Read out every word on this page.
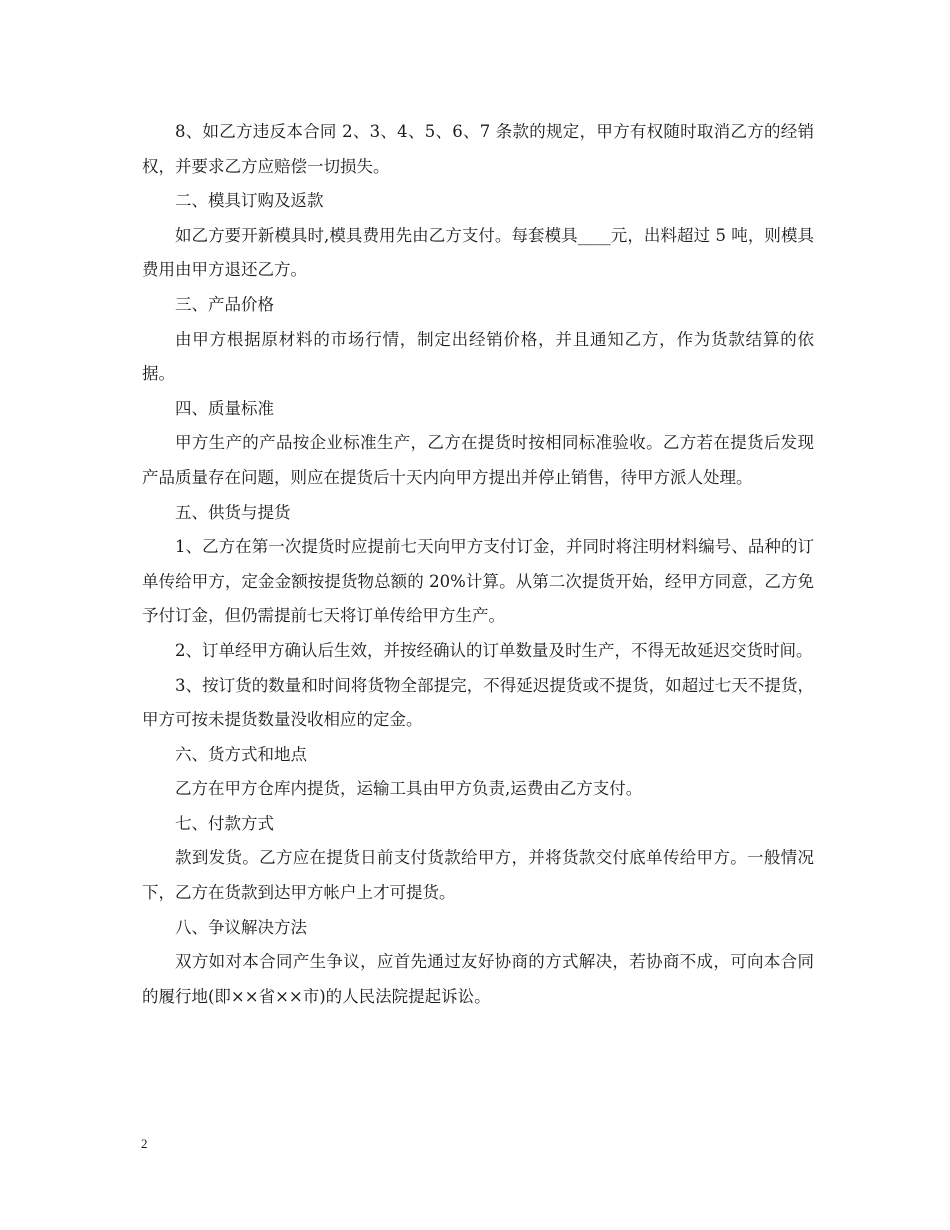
8、如乙方违反本合同 2、3、4、5、6、7 条款的规定，甲方有权随时取消乙方的经销权，并要求乙方应赔偿一切损失。

二、模具订购及返款

如乙方要开新模具时,模具费用先由乙方支付。每套模具____元，出料超过 5 吨，则模具费用由甲方退还乙方。

三、产品价格

由甲方根据原材料的市场行情，制定出经销价格，并且通知乙方，作为货款结算的依据。

四、质量标准

甲方生产的产品按企业标准生产，乙方在提货时按相同标准验收。乙方若在提货后发现产品质量存在问题，则应在提货后十天内向甲方提出并停止销售，待甲方派人处理。

五、供货与提货

1、乙方在第一次提货时应提前七天向甲方支付订金，并同时将注明材料编号、品种的订单传给甲方，定金金额按提货物总额的 20%计算。从第二次提货开始，经甲方同意，乙方免予付订金，但仍需提前七天将订单传给甲方生产。

2、订单经甲方确认后生效，并按经确认的订单数量及时生产，不得无故延迟交货时间。

3、按订货的数量和时间将货物全部提完，不得延迟提货或不提货，如超过七天不提货，甲方可按未提货数量没收相应的定金。

六、货方式和地点

乙方在甲方仓库内提货，运输工具由甲方负责,运费由乙方支付。

七、付款方式

款到发货。乙方应在提货日前支付货款给甲方，并将货款交付底单传给甲方。一般情况下，乙方在货款到达甲方帐户上才可提货。

八、争议解决方法

双方如对本合同产生争议，应首先通过友好协商的方式解决，若协商不成，可向本合同的履行地(即××省××市)的人民法院提起诉讼。

2
